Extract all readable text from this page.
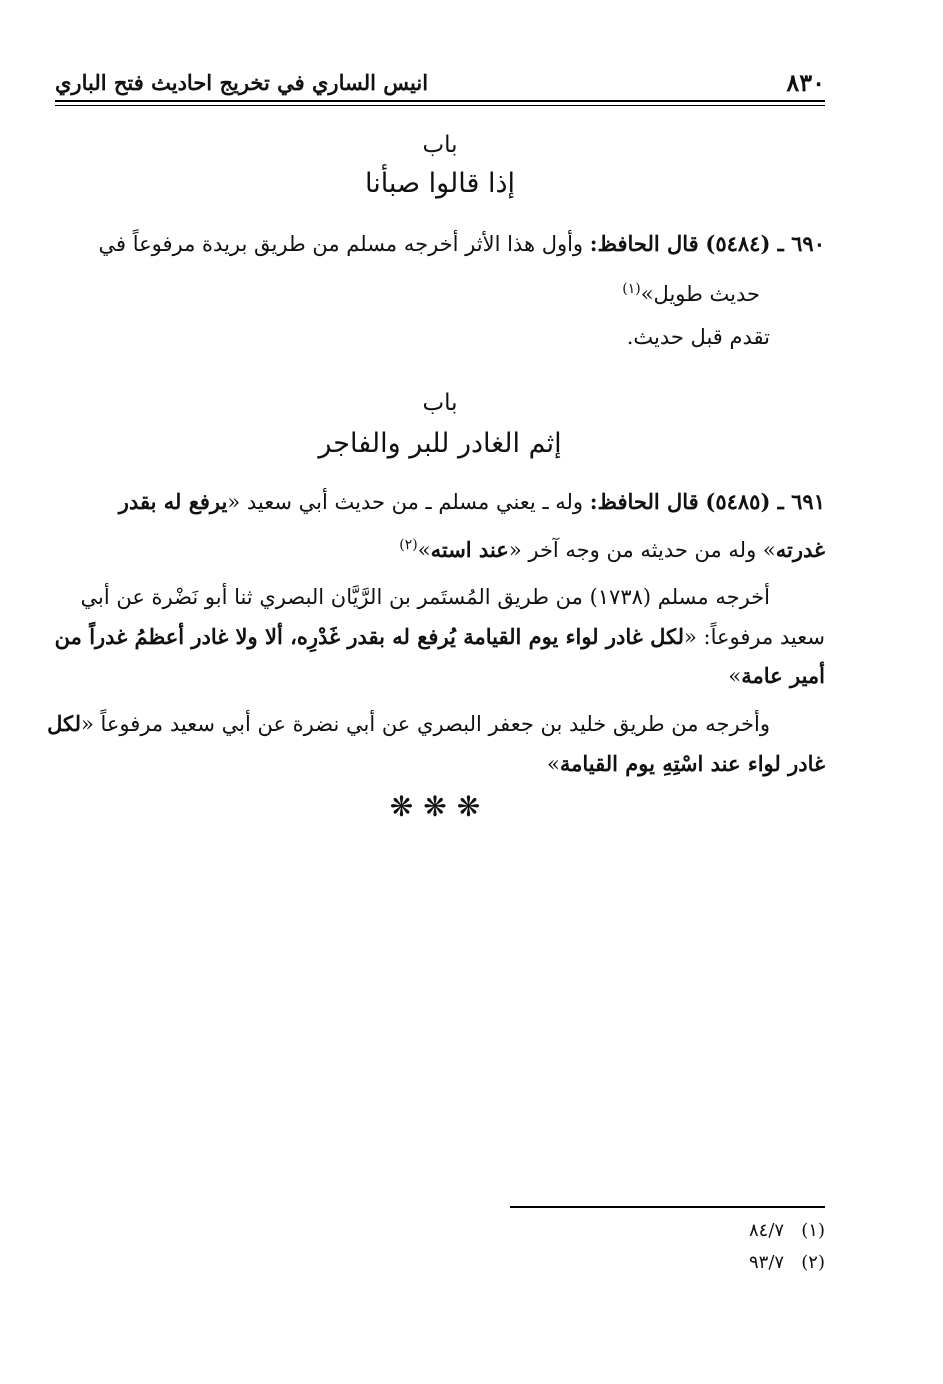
٨٣٠
انيس الساري في تخريج احاديث فتح الباري
باب
إذا قالوا صبأنا
٦٩٠ ـ (٥٤٨٤) قال الحافظ: وأول هذا الأثر أخرجه مسلم من طريق بريدة مرفوعاً في
حديث طويل»$^{(١)}$
تقدم قبل حديث.
باب
إثم الغادر للبر والفاجر
٦٩١ ـ (٥٤٨٥) قال الحافظ: وله ـ يعني مسلم ـ من حديث أبي سعيد «يرفع له بقدر
غدرته» وله من حديثه من وجه آخر «عند استه»$^{(٢)}$
أخرجه مسلم (١٧٣٨) من طريق المُستَمر بن الرَّيَّان البصري ثنا أبو نَضْرة عن أبي
سعيد مرفوعاً: «لكل غادر لواء يوم القيامة يُرفع له بقدر غَدْرِه، ألا ولا غادر أعظمُ غدراً من
أمير عامة»
وأخرجه من طريق خليد بن جعفر البصري عن أبي نضرة عن أبي سعيد مرفوعاً «لكل
غادر لواء عند اسْتِهِ يوم القيامة»
❋❋❋
(١)   ٨٤/٧
(٢)   ٩٣/٧
